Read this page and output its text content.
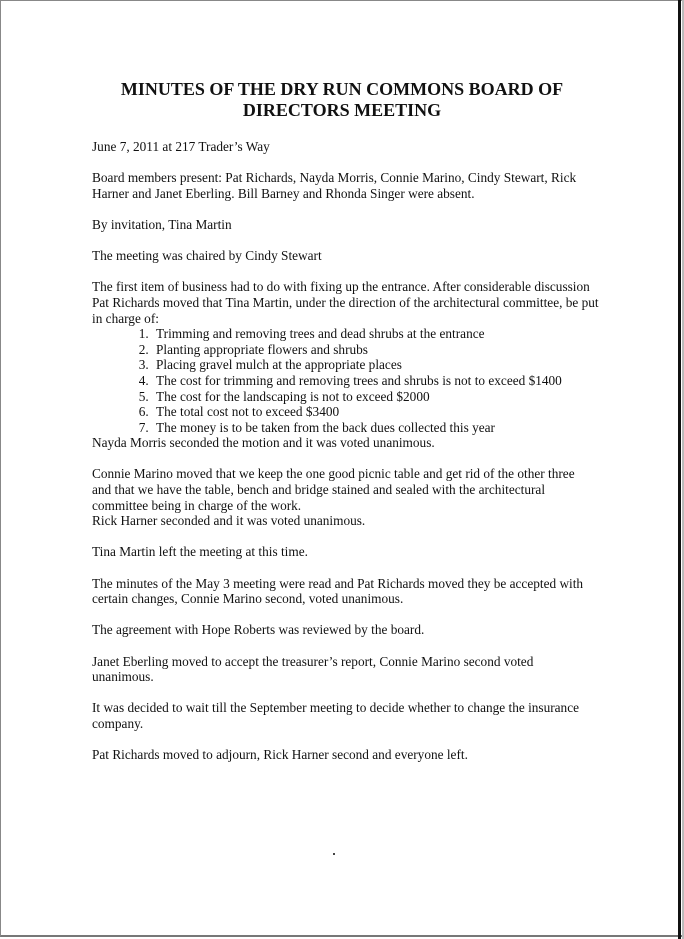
MINUTES OF THE DRY RUN COMMONS BOARD OF
DIRECTORS MEETING

June 7, 2011 at 217 Trader’s Way

Board members present: Pat Richards, Nayda Morris, Connie Marino, Cindy Stewart, Rick Harner and Janet Eberling. Bill Barney and Rhonda Singer were absent.

By invitation, Tina Martin

The meeting was chaired by Cindy Stewart

The first item of business had to do with fixing up the entrance. After considerable discussion Pat Richards moved that Tina Martin, under the direction of the architectural committee, be put in charge of:

1. Trimming and removing trees and dead shrubs at the entrance
2. Planting appropriate flowers and shrubs
3. Placing gravel mulch at the appropriate places
4. The cost for trimming and removing trees and shrubs is not to exceed $1400
5. The cost for the landscaping is not to exceed $2000
6. The total cost not to exceed $3400
7. The money is to be taken from the back dues collected this year

Nayda Morris seconded the motion and it was voted unanimous.

Connie Marino moved that we keep the one good picnic table and get rid of the other three and that we have the table, bench and bridge stained and sealed with the architectural committee being in charge of the work.

Rick Harner seconded and it was voted unanimous.

Tina Martin left the meeting at this time.

The minutes of the May 3 meeting were read and Pat Richards moved they be accepted with certain changes, Connie Marino second, voted unanimous.

The agreement with Hope Roberts was reviewed by the board.

Janet Eberling moved to accept the treasurer’s report, Connie Marino second voted unanimous.

It was decided to wait till the September meeting to decide whether to change the insurance company.

Pat Richards moved to adjourn, Rick Harner second and everyone left.
